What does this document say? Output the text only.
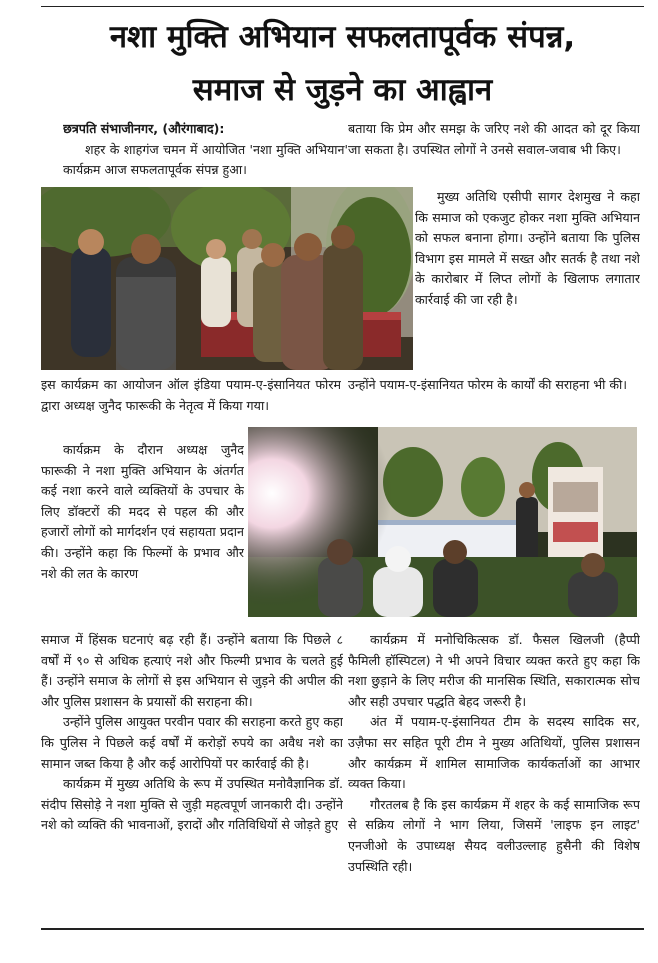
नशा मुक्ति अभियान सफलतापूर्वक संपन्न,
समाज से जुड़ने का आह्वान

छत्रपति संभाजीनगर, (औरंगाबाद):

शहर के शाहगंज चमन में आयोजित 'नशा मुक्ति अभियान' कार्यक्रम आज सफलतापूर्वक संपन्न हुआ।

इस कार्यक्रम का आयोजन ऑल इंडिया पयाम-ए-इंसानियत फोरम द्वारा अध्यक्ष जुनैद फारूकी के नेतृत्व में किया गया।

कार्यक्रम के दौरान अध्यक्ष जुनैद फारूकी ने नशा मुक्ति अभियान के अंतर्गत कई नशा करने वाले व्यक्तियों के उपचार के लिए डॉक्टरों की मदद से पहल की और हजारों लोगों को मार्गदर्शन एवं सहायता प्रदान की। उन्होंने कहा कि फिल्मों के प्रभाव और नशे की लत के कारण

समाज में हिंसक घटनाएं बढ़ रही हैं। उन्होंने बताया कि पिछले ८ वर्षों में ९० से अधिक हत्याएं नशे और फिल्मी प्रभाव के चलते हुई हैं। उन्होंने समाज के लोगों से इस अभियान से जुड़ने की अपील की और पुलिस प्रशासन के प्रयासों की सराहना की।

उन्होंने पुलिस आयुक्त परवीन पवार की सराहना करते हुए कहा कि पुलिस ने पिछले कई वर्षों में करोड़ों रुपये का अवैध नशे का सामान जब्त किया है और कई आरोपियों पर कार्रवाई की है।

कार्यक्रम में मुख्य अतिथि के रूप में उपस्थित मनोवैज्ञानिक डॉ. संदीप सिसोड़े ने नशा मुक्ति से जुड़ी महत्वपूर्ण जानकारी दी। उन्होंने नशे को व्यक्ति की भावनाओं, इरादों और गतिविधियों से जोड़ते हुए

बताया कि प्रेम और समझ के जरिए नशे की आदत को दूर किया जा सकता है। उपस्थित लोगों ने उनसे सवाल-जवाब भी किए।

मुख्य अतिथि एसीपी सागर देशमुख ने कहा कि समाज को एकजुट होकर नशा मुक्ति अभियान को सफल बनाना होगा। उन्होंने बताया कि पुलिस विभाग इस मामले में सख्त और सतर्क है तथा नशे के कारोबार में लिप्त लोगों के खिलाफ लगातार कार्रवाई की जा रही है।

उन्होंने पयाम-ए-इंसानियत फोरम के कार्यों की सराहना भी की।

कार्यक्रम में मनोचिकित्सक डॉ. फैसल खिलजी (हैप्पी फैमिली हॉस्पिटल) ने भी अपने विचार व्यक्त करते हुए कहा कि नशा छुड़ाने के लिए मरीज की मानसिक स्थिति, सकारात्मक सोच और सही उपचार पद्धति बेहद जरूरी है।

अंत में पयाम-ए-इंसानियत टीम के सदस्य सादिक सर, उज़ैफा सर सहित पूरी टीम ने मुख्य अतिथियों, पुलिस प्रशासन और कार्यक्रम में शामिल सामाजिक कार्यकर्ताओं का आभार व्यक्त किया।

गौरतलब है कि इस कार्यक्रम में शहर के कई सामाजिक रूप से सक्रिय लोगों ने भाग लिया, जिसमें 'लाइफ इन लाइट' एनजीओ के उपाध्यक्ष सैयद वलीउल्लाह हुसैनी की विशेष उपस्थिति रही।
